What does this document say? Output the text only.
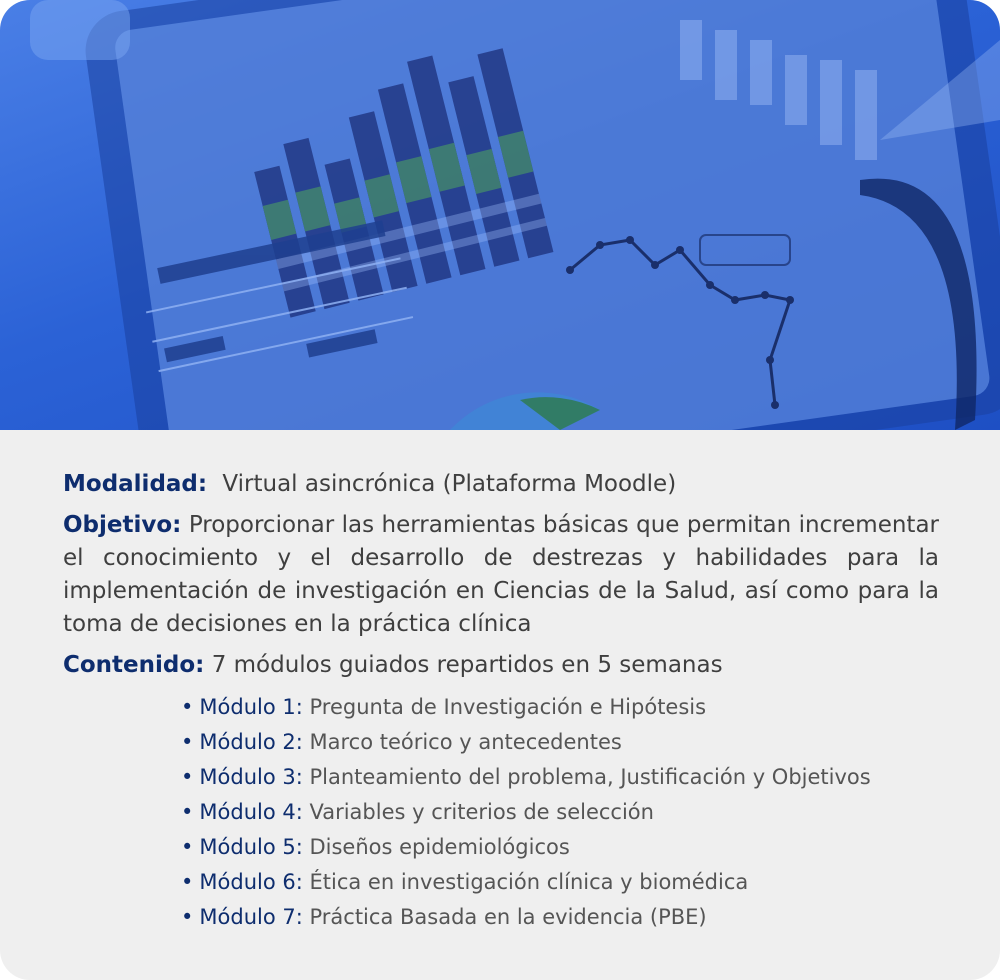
Modalidad: Virtual asincrónica (Plataforma Moodle)
Objetivo: Proporcionar las herramientas básicas que permitan incrementar el conocimiento y el desarrollo de destrezas y habilidades para la implementación de investigación en Ciencias de la Salud, así como para la toma de decisiones en la práctica clínica
Contenido: 7 módulos guiados repartidos en 5 semanas
• Módulo 1: Pregunta de Investigación e Hipótesis
• Módulo 2: Marco teórico y antecedentes
• Módulo 3: Planteamiento del problema, Justificación y Objetivos
• Módulo 4: Variables y criterios de selección
• Módulo 5: Diseños epidemiológicos
• Módulo 6: Ética en investigación clínica y biomédica
• Módulo 7: Práctica Basada en la evidencia (PBE)
